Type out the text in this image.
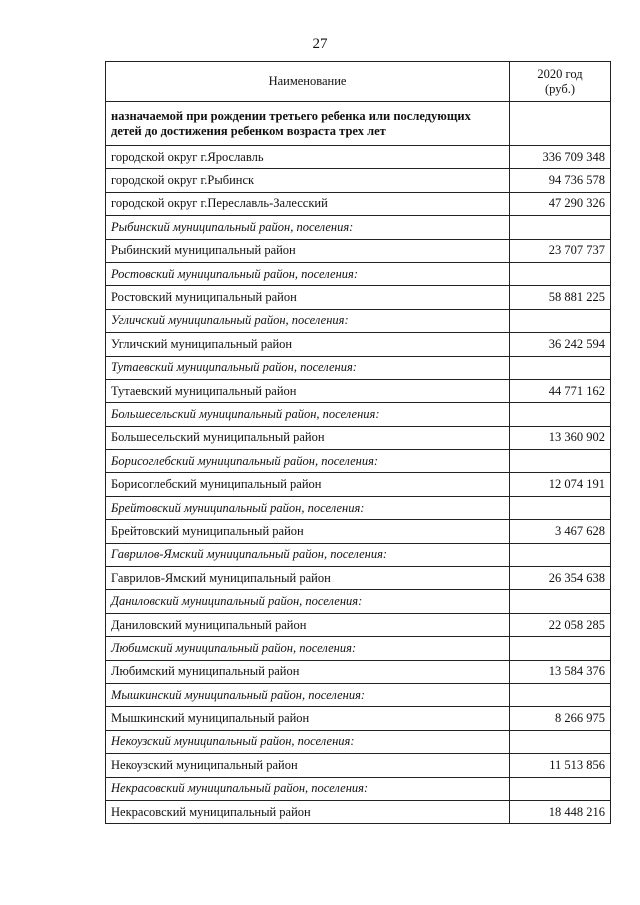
27
Наименование	2020 год
(руб.)

назначаемой при рождении третьего ребенка или последующих детей до достижения ребенком возраста трех лет	
городской округ г.Ярославль	336 709 348
городской округ г.Рыбинск	94 736 578
городской округ г.Переславль-Залесский	47 290 326
Рыбинский муниципальный район, поселения:	
Рыбинский муниципальный район	23 707 737
Ростовский муниципальный район, поселения:	
Ростовский муниципальный район	58 881 225
Угличский муниципальный район, поселения:	
Угличский муниципальный район	36 242 594
Тутаевский муниципальный район, поселения:	
Тутаевский муниципальный район	44 771 162
Большесельский муниципальный район, поселения:	
Большесельский муниципальный район	13 360 902
Борисоглебский муниципальный район, поселения:	
Борисоглебский муниципальный район	12 074 191
Брейтовский муниципальный район, поселения:	
Брейтовский муниципальный район	3 467 628
Гаврилов-Ямский муниципальный район, поселения:	
Гаврилов-Ямский муниципальный район	26 354 638
Даниловский муниципальный район, поселения:	
Даниловский муниципальный район	22 058 285
Любимский муниципальный район, поселения:	
Любимский муниципальный район	13 584 376
Мышкинский муниципальный район, поселения:	
Мышкинский муниципальный район	8 266 975
Некоузский муниципальный район, поселения:	
Некоузский муниципальный район	11 513 856
Некрасовский муниципальный район, поселения:	
Некрасовский муниципальный район	18 448 216
